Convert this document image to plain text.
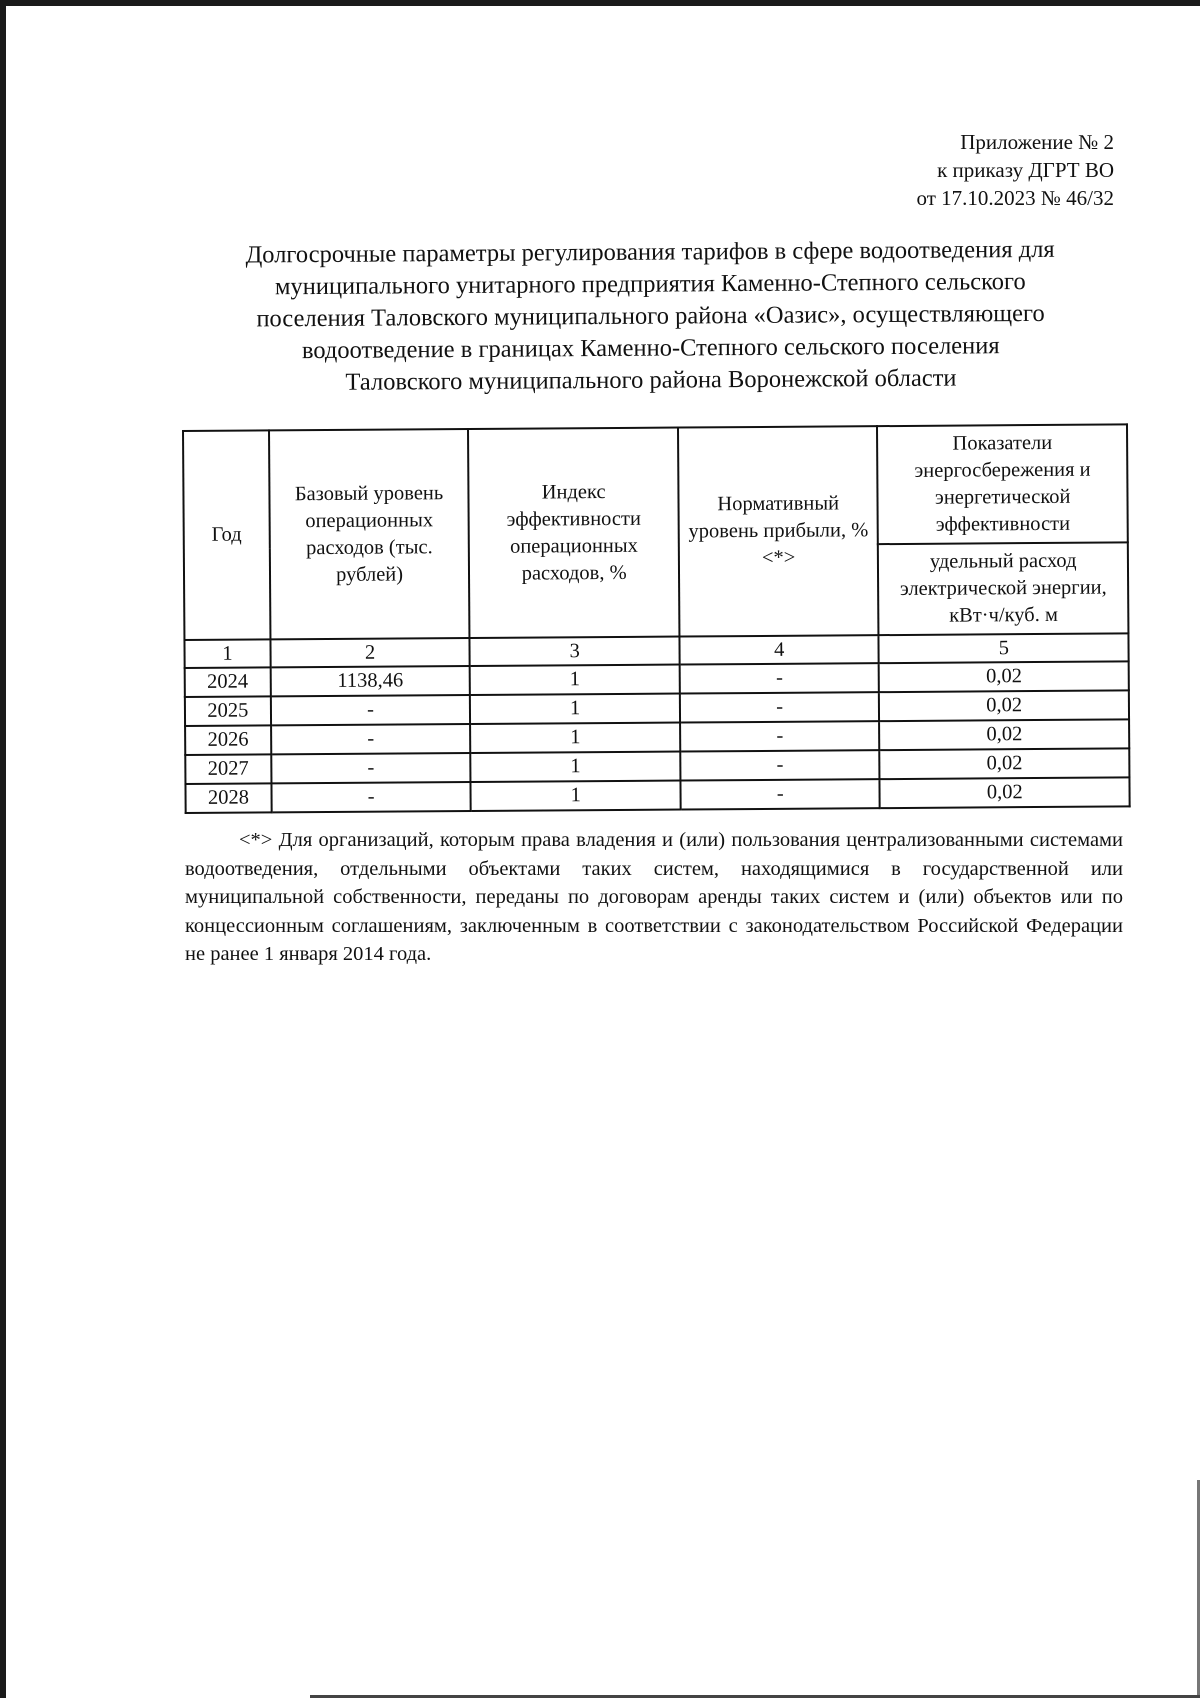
Приложение № 2
к приказу ДГРТ ВО
от 17.10.2023 № 46/32
Долгосрочные параметры регулирования тарифов в сфере водоотведения для
муниципального унитарного предприятия Каменно-Степного сельского
поселения Таловского муниципального района «Оазис», осуществляющего
водоотведение в границах Каменно-Степного сельского поселения
Таловского муниципального района Воронежской области
Год	Базовый уровень операционных расходов (тыс. рублей)	Индекс эффективности операционных расходов, %	Нормативный уровень прибыли, % <*>	Показатели энергосбережения и энергетической эффективности
				удельный расход электрической энергии, кВт·ч/куб. м
1	2	3	4	5
2024	1138,46	1	-	0,02
2025	-	1	-	0,02
2026	-	1	-	0,02
2027	-	1	-	0,02
2028	-	1	-	0,02

<*> Для организаций, которым права владения и (или) пользования централизованными системами водоотведения, отдельными объектами таких систем, находящимися в государственной или муниципальной собственности, переданы по договорам аренды таких систем и (или) объектов или по концессионным соглашениям, заключенным в соответствии с законодательством Российской Федерации не ранее 1 января 2014 года.
